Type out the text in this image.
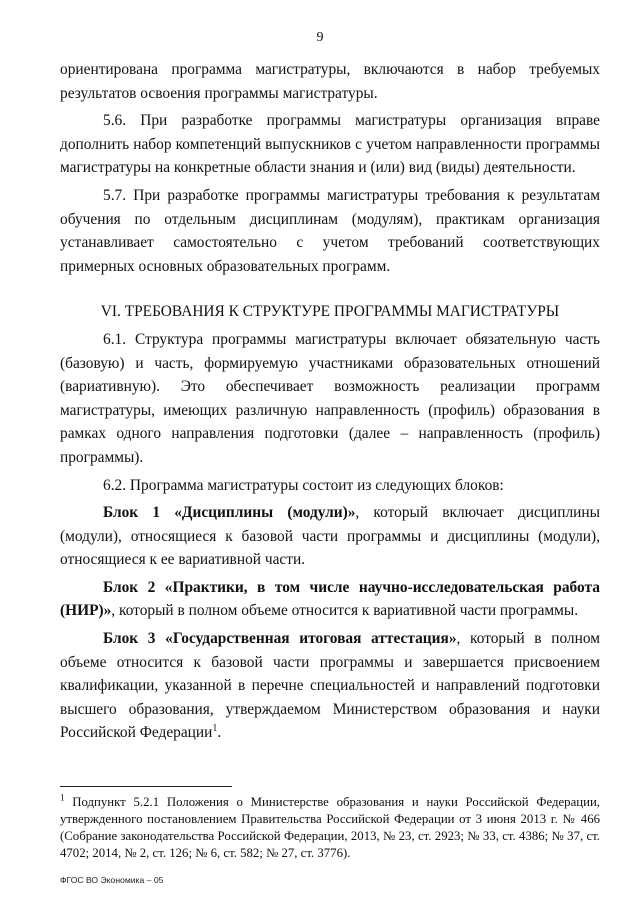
9

ориентирована программа магистратуры, включаются в набор требуемых результатов освоения программы магистратуры.

5.6. При разработке программы магистратуры организация вправе дополнить набор компетенций выпускников с учетом направленности программы магистратуры на конкретные области знания и (или) вид (виды) деятельности.

5.7. При разработке программы магистратуры требования к результатам обучения по отдельным дисциплинам (модулям), практикам организация устанавливает самостоятельно с учетом требований соответствующих примерных основных образовательных программ.

VI. ТРЕБОВАНИЯ К СТРУКТУРЕ ПРОГРАММЫ МАГИСТРАТУРЫ

6.1. Структура программы магистратуры включает обязательную часть (базовую) и часть, формируемую участниками образовательных отношений (вариативную). Это обеспечивает возможность реализации программ магистратуры, имеющих различную направленность (профиль) образования в рамках одного направления подготовки (далее – направленность (профиль) программы).

6.2. Программа магистратуры состоит из следующих блоков:

Блок 1 «Дисциплины (модули)», который включает дисциплины (модули), относящиеся к базовой части программы и дисциплины (модули), относящиеся к ее вариативной части.

Блок 2 «Практики, в том числе научно-исследовательская работа (НИР)», который в полном объеме относится к вариативной части программы.

Блок 3 «Государственная итоговая аттестация», который в полном объеме относится к базовой части программы и завершается присвоением квалификации, указанной в перечне специальностей и направлений подготовки высшего образования, утверждаемом Министерством образования и науки Российской Федерации$^1$.

$^1$ Подпункт 5.2.1 Положения о Министерстве образования и науки Российской Федерации, утвержденного постановлением Правительства Российской Федерации от 3 июня 2013 г. № 466 (Собрание законодательства Российской Федерации, 2013, № 23, ст. 2923; № 33, ст. 4386; № 37, ст. 4702; 2014, № 2, ст. 126; № 6, ст. 582; № 27, ст. 3776).
ФГОС ВО Экономика – 05
